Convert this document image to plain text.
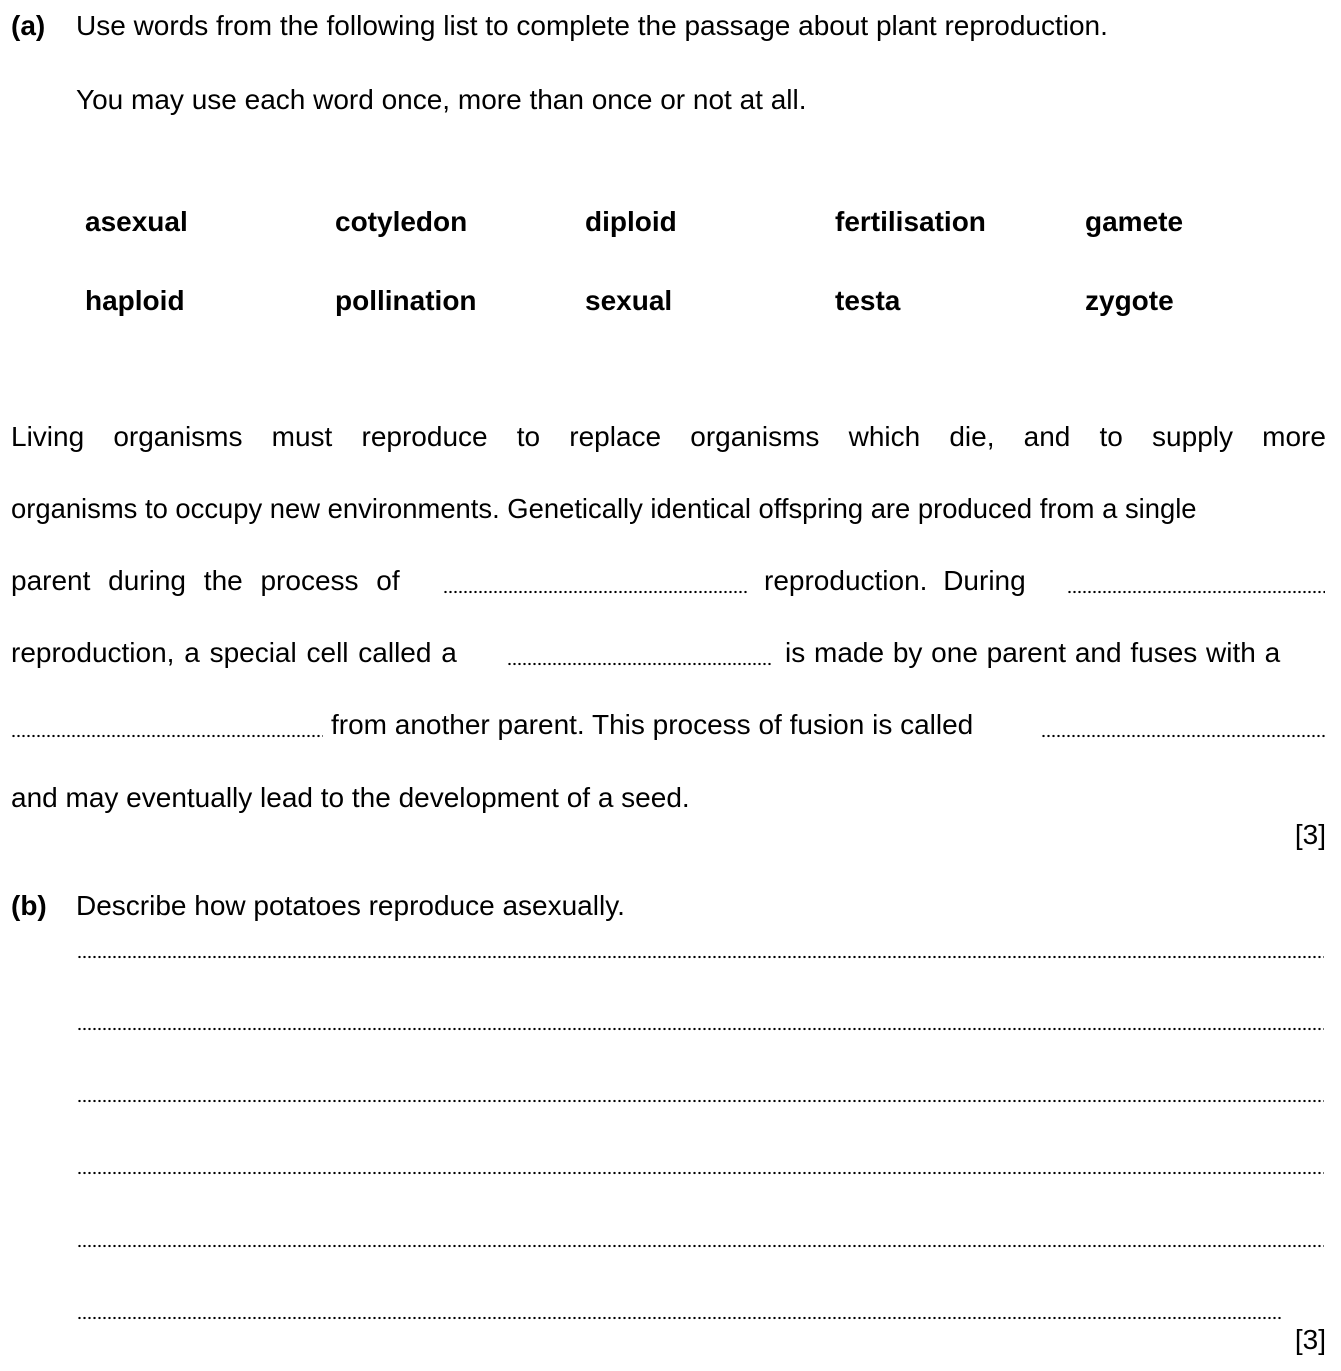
(a) Use words from the following list to complete the passage about plant reproduction.
You may use each word once, more than once or not at all.
asexual	cotyledon	diploid	fertilisation	gamete
haploid	pollination	sexual	testa	zygote
Living organisms must reproduce to replace organisms which die, and to supply more
organisms to occupy new environments. Genetically identical offspring are produced from a single
parent during the process of	reproduction. During
reproduction, a special cell called a	is made by one parent and fuses with a
from another parent. This process of fusion is called
and may eventually lead to the development of a seed.
[3]
(b) Describe how potatoes reproduce asexually.
[3]
